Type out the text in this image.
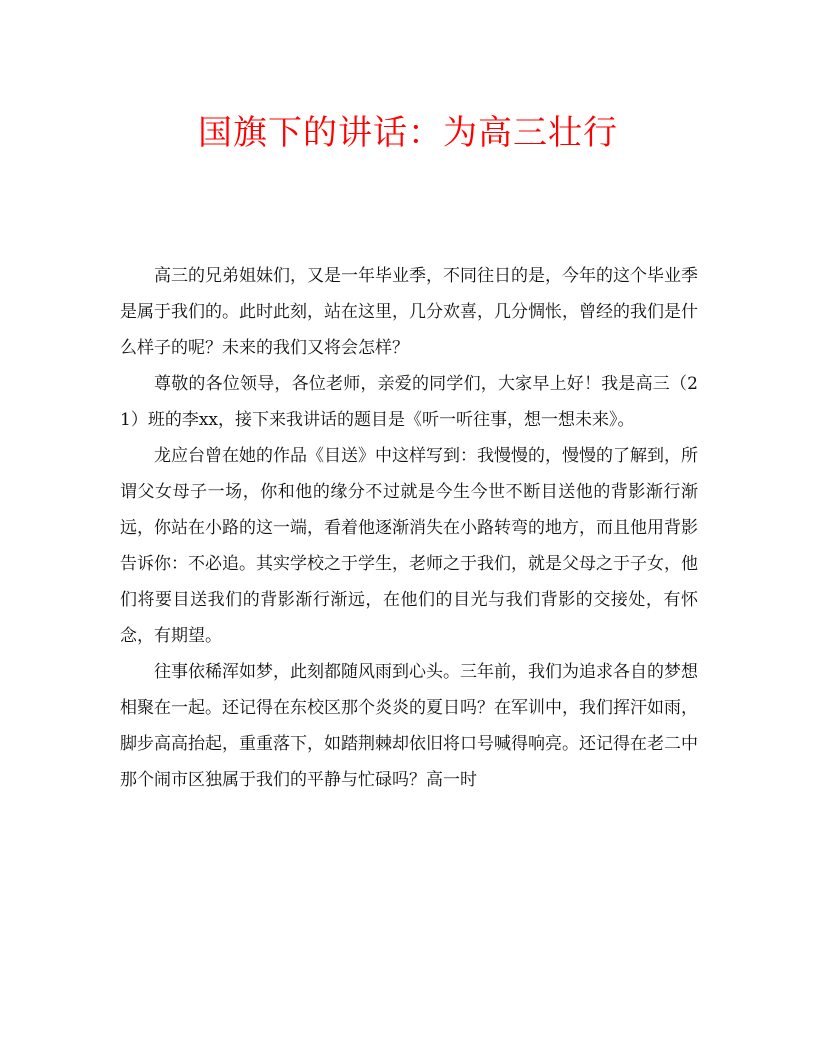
国旗下的讲话：为高三壮行

高三的兄弟姐妹们，又是一年毕业季，不同往日的是，今年的这个毕业季是属于我们的。此时此刻，站在这里，几分欢喜，几分惆怅，曾经的我们是什么样子的呢？未来的我们又将会怎样？

尊敬的各位领导，各位老师，亲爱的同学们，大家早上好！我是高三（21）班的李xx，接下来我讲话的题目是《听一听往事，想一想未来》。

龙应台曾在她的作品《目送》中这样写到：我慢慢的，慢慢的了解到，所谓父女母子一场，你和他的缘分不过就是今生今世不断目送他的背影渐行渐远，你站在小路的这一端，看着他逐渐消失在小路转弯的地方，而且他用背影告诉你：不必追。其实学校之于学生，老师之于我们，就是父母之于子女，他们将要目送我们的背影渐行渐远，在他们的目光与我们背影的交接处，有怀念，有期望。

往事依稀浑如梦，此刻都随风雨到心头。三年前，我们为追求各自的梦想相聚在一起。还记得在东校区那个炎炎的夏日吗？在军训中，我们挥汗如雨，脚步高高抬起，重重落下，如踏荆棘却依旧将口号喊得响亮。还记得在老二中那个闹市区独属于我们的平静与忙碌吗？高一时
